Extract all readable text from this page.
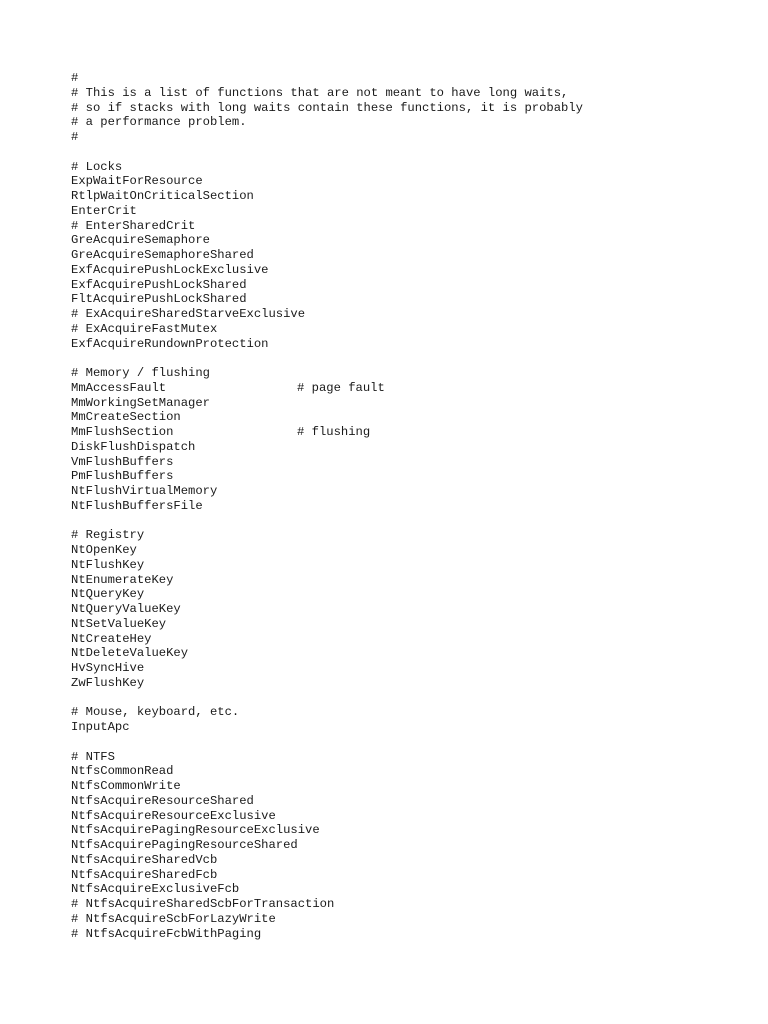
#
# This is a list of functions that are not meant to have long waits,
# so if stacks with long waits contain these functions, it is probably
# a performance problem.
#
# Locks
ExpWaitForResource
RtlpWaitOnCriticalSection
EnterCrit
# EnterSharedCrit
GreAcquireSemaphore
GreAcquireSemaphoreShared
ExfAcquirePushLockExclusive
ExfAcquirePushLockShared
FltAcquirePushLockShared
# ExAcquireSharedStarveExclusive
# ExAcquireFastMutex
ExfAcquireRundownProtection
# Memory / flushing
MmAccessFault	# page fault
MmWorkingSetManager
MmCreateSection
MmFlushSection	# flushing
DiskFlushDispatch
VmFlushBuffers
PmFlushBuffers
NtFlushVirtualMemory
NtFlushBuffersFile
# Registry
NtOpenKey
NtFlushKey
NtEnumerateKey
NtQueryKey
NtQueryValueKey
NtSetValueKey
NtCreateHey
NtDeleteValueKey
HvSyncHive
ZwFlushKey
# Mouse, keyboard, etc.
InputApc
# NTFS
NtfsCommonRead
NtfsCommonWrite
NtfsAcquireResourceShared
NtfsAcquireResourceExclusive
NtfsAcquirePagingResourceExclusive
NtfsAcquirePagingResourceShared
NtfsAcquireSharedVcb
NtfsAcquireSharedFcb
NtfsAcquireExclusiveFcb
# NtfsAcquireSharedScbForTransaction
# NtfsAcquireScbForLazyWrite
# NtfsAcquireFcbWithPaging
